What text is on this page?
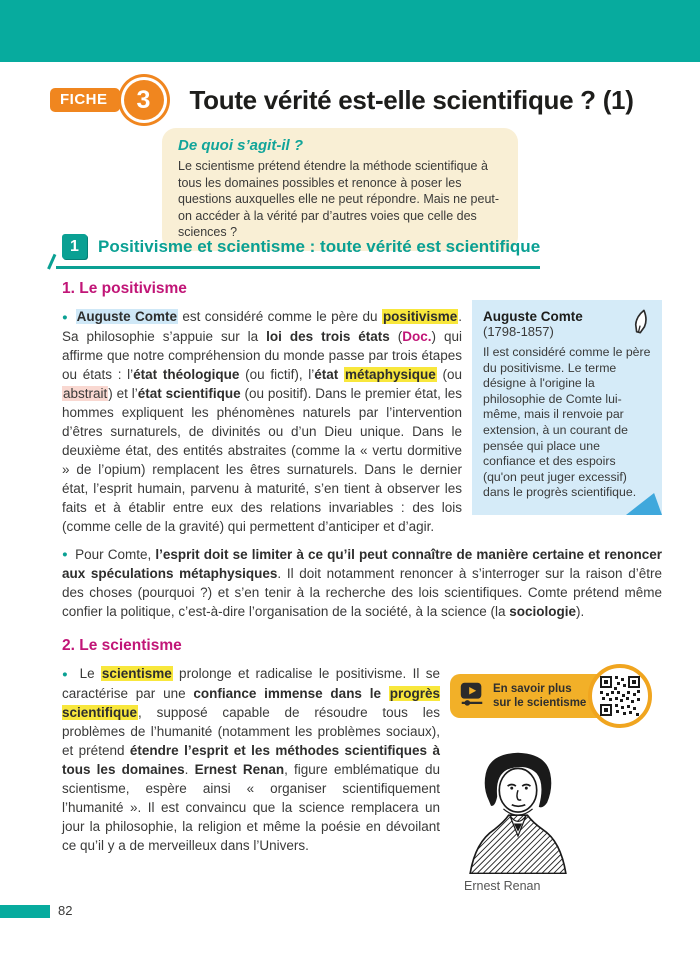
FICHE	3	Toute vérité est-elle scientifique ? (1)
De quoi s’agit-il ?

Le scientisme prétend étendre la méthode scientifique à tous les domaines possibles et renonce à poser les questions auxquelles elle ne peut répondre. Mais ne peut-on accéder à la vérité par d’autres voies que celle des sciences ?

1	Positivisme et scientisme : toute vérité est scientifique
1. Le positivisme

● Auguste Comte est considéré comme le père du positivisme. Sa philosophie s’appuie sur la loi des trois états (Doc.) qui affirme que notre compréhension du monde passe par trois étapes ou états : l’état théologique (ou fictif), l’état métaphysique (ou abstrait) et l’état scientifique (ou positif). Dans le premier état, les hommes expliquent les phénomènes naturels par l’intervention d’êtres surnaturels, de divinités ou d’un Dieu unique. Dans le deuxième état, des entités abstraites (comme la « vertu dormitive » de l’opium) remplacent les êtres surnaturels. Dans le dernier état, l’esprit humain, parvenu à maturité, s’en tient à observer les faits et à établir entre eux des relations invariables : des lois (comme celle de la gravité) qui permettent d’anticiper et d’agir.

Auguste Comte
(1798-1857)

Il est considéré comme le père du positivisme. Le terme désigne à l'origine la philosophie de Comte lui-même, mais il renvoie par extension, à un courant de pensée qui place une confiance et des espoirs (qu'on peut juger excessif) dans le progrès scientifique.

● Pour Comte, l’esprit doit se limiter à ce qu’il peut connaître de manière certaine et renoncer aux spéculations métaphysiques. Il doit notamment renoncer à s’interroger sur la raison d’être des choses (pourquoi ?) et s’en tenir à la recherche des lois scientifiques. Comte prétend même confier la politique, c’est-à-dire l’organisation de la société, à la science (la sociologie).

2. Le scientisme

● Le scientisme prolonge et radicalise le positivisme. Il se caractérise par une confiance immense dans le progrès scientifique, supposé capable de résoudre tous les problèmes de l’humanité (notamment les problèmes sociaux), et prétend étendre l’esprit et les méthodes scientifiques à tous les domaines. Ernest Renan, figure emblématique du scientisme, espère ainsi « organiser scientifiquement l’humanité ». Il est convaincu que la science remplacera un jour la philosophie, la religion et même la poésie en dévoilant ce qu’il y a de merveilleux dans l’Univers.

En savoir plus sur le scientisme
Ernest Renan
82
